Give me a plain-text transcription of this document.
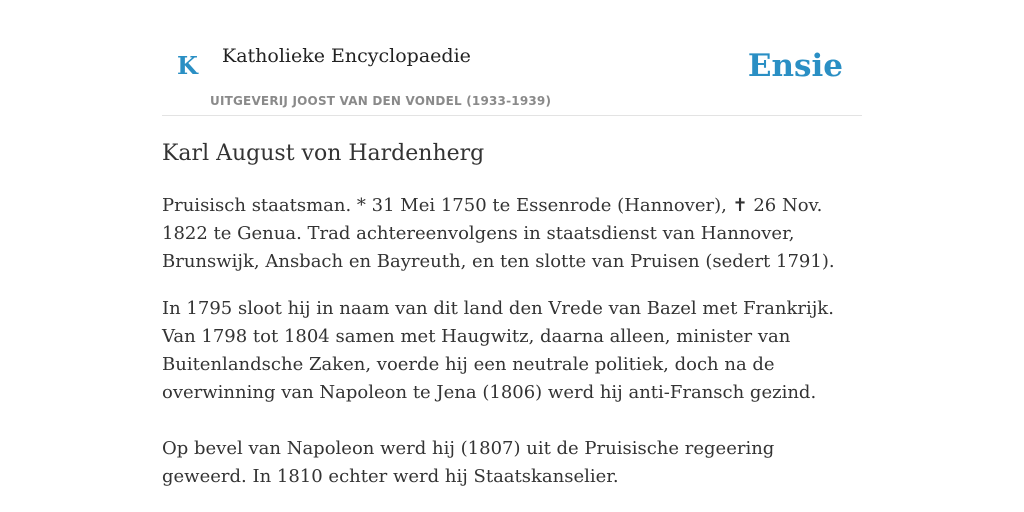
K Katholieke Encyclopaedie
UITGEVERIJ JOOST VAN DEN VONDEL (1933-1939)
Ensie
Karl August von Hardenherg

Pruisisch staatsman. * 31 Mei 1750 te Essenrode (Hannover), ✝ 26 Nov. 1822 te Genua. Trad achtereenvolgens in staatsdienst van Hannover, Brunswijk, Ansbach en Bayreuth, en ten slotte van Pruisen (sedert 1791).

In 1795 sloot hij in naam van dit land den Vrede van Bazel met Frankrijk. Van 1798 tot 1804 samen met Haugwitz, daarna alleen, minister van Buitenlandsche Zaken, voerde hij een neutrale politiek, doch na de overwinning van Napoleon te Jena (1806) werd hij anti-Fransch gezind.

Op bevel van Napoleon werd hij (1807) uit de Pruisische regeering geweerd. In 1810 echter werd hij Staatskanselier.
